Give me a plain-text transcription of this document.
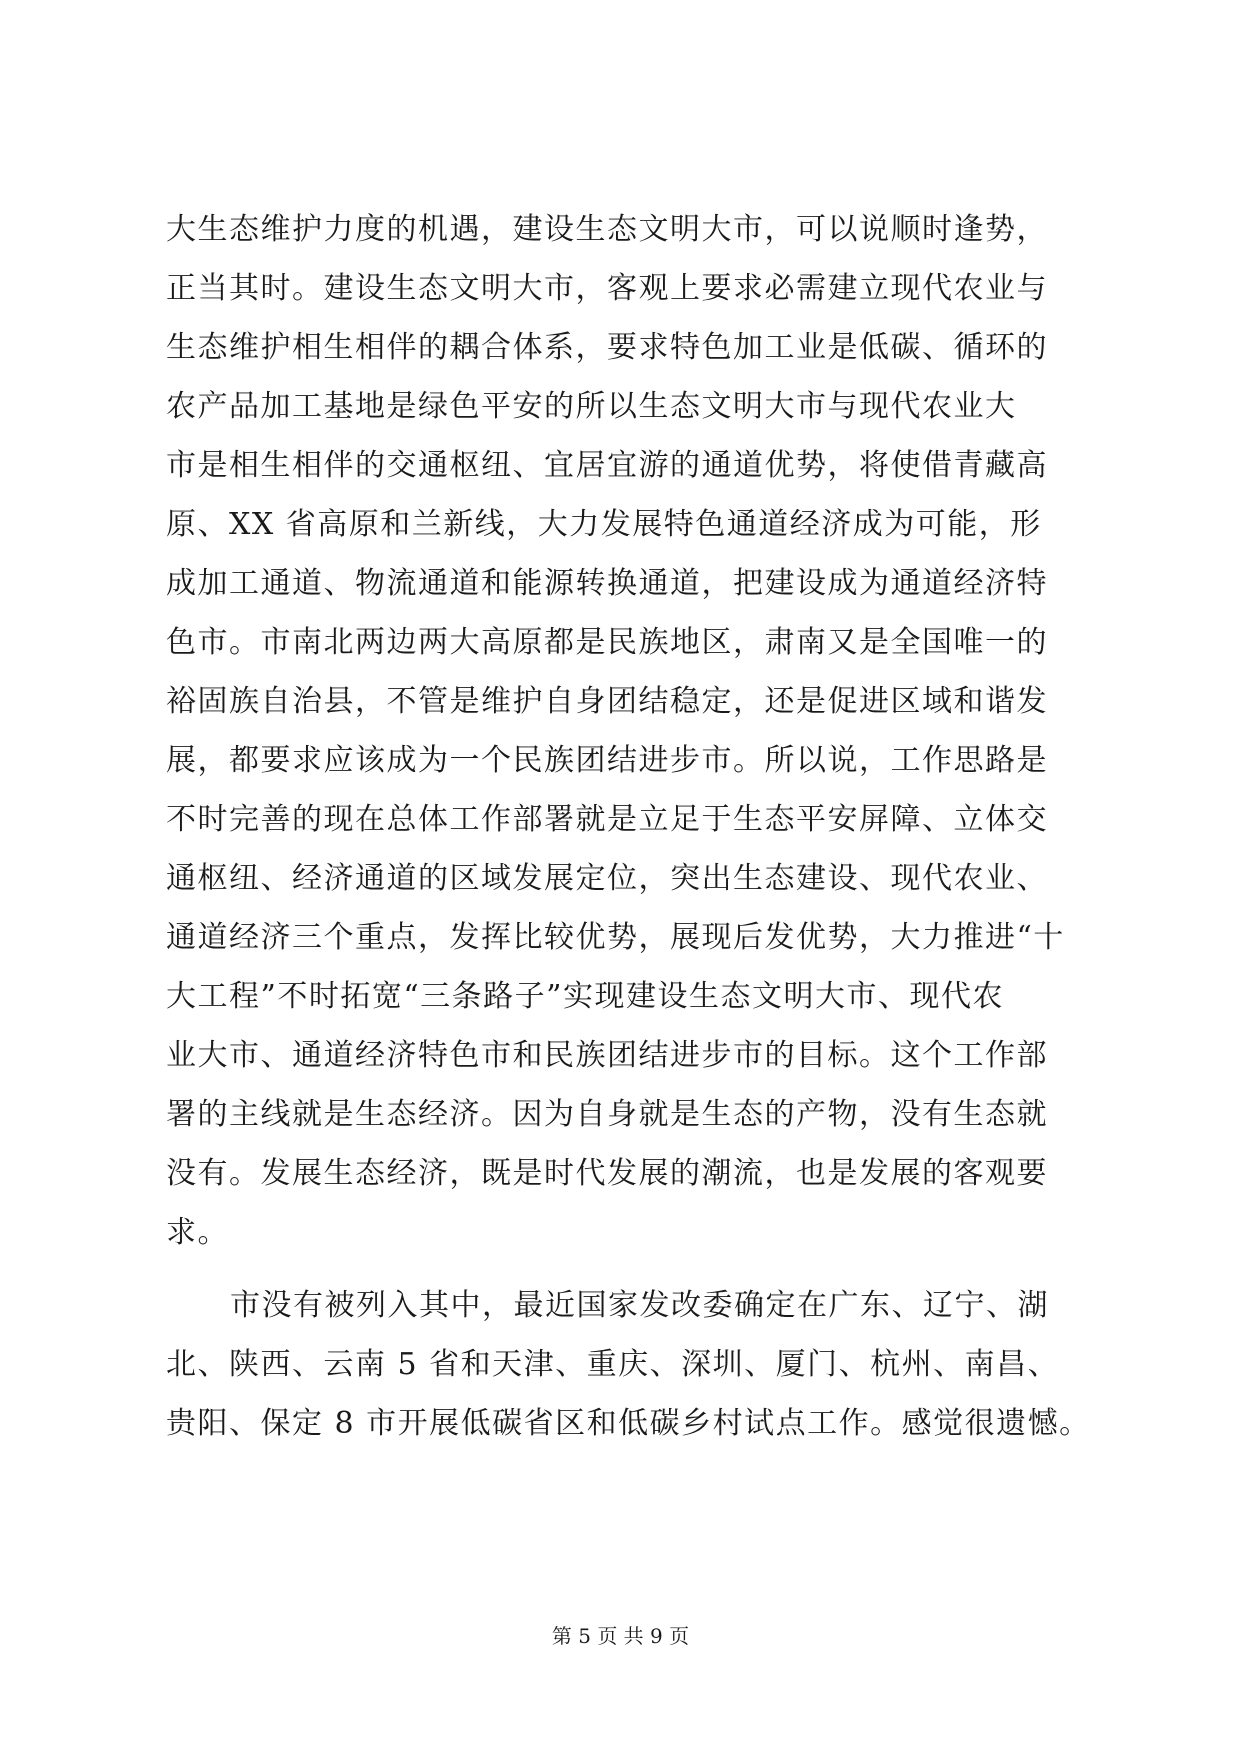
大生态维护力度的机遇，建设生态文明大市，可以说顺时逢势，
正当其时。建设生态文明大市，客观上要求必需建立现代农业与
生态维护相生相伴的耦合体系，要求特色加工业是低碳、循环的
农产品加工基地是绿色平安的所以生态文明大市与现代农业大
市是相生相伴的交通枢纽、宜居宜游的通道优势，将使借青藏高
原、XX 省高原和兰新线，大力发展特色通道经济成为可能，形
成加工通道、物流通道和能源转换通道，把建设成为通道经济特
色市。市南北两边两大高原都是民族地区，肃南又是全国唯一的
裕固族自治县，不管是维护自身团结稳定，还是促进区域和谐发
展，都要求应该成为一个民族团结进步市。所以说，工作思路是
不时完善的现在总体工作部署就是立足于生态平安屏障、立体交
通枢纽、经济通道的区域发展定位，突出生态建设、现代农业、
通道经济三个重点，发挥比较优势，展现后发优势，大力推进“十
大工程”不时拓宽“三条路子”实现建设生态文明大市、现代农
业大市、通道经济特色市和民族团结进步市的目标。这个工作部
署的主线就是生态经济。因为自身就是生态的产物，没有生态就
没有。发展生态经济，既是时代发展的潮流，也是发展的客观要
求。
市没有被列入其中，最近国家发改委确定在广东、辽宁、湖
北、陕西、云南 5 省和天津、重庆、深圳、厦门、杭州、南昌、
贵阳、保定 8 市开展低碳省区和低碳乡村试点工作。感觉很遗憾。
第 5 页 共 9 页
